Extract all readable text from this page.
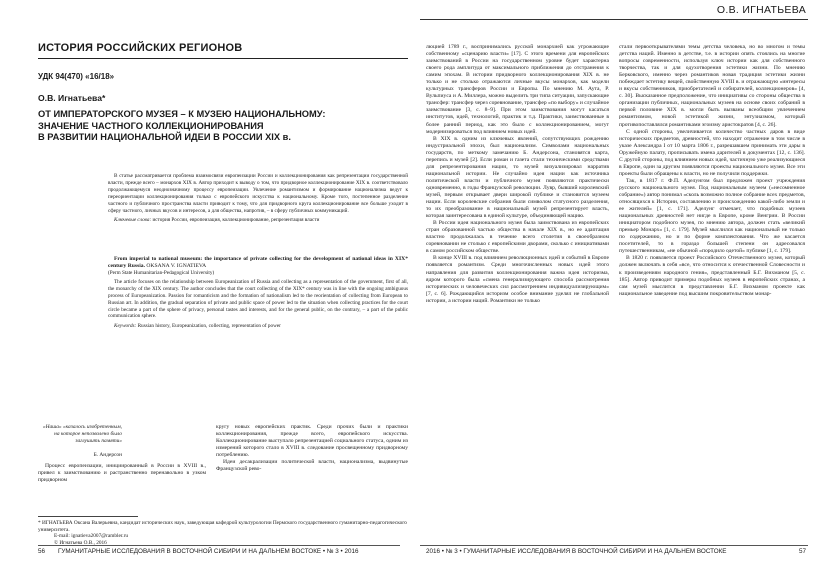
О.В. ИГНАТЬЕВА
ИСТОРИЯ РОССИЙСКИХ РЕГИОНОВ
УДК 94(470) «16/18»
О.В. Игнатьева*
ОТ ИМПЕРАТОРСКОГО МУЗЕЯ – К МУЗЕЮ НАЦИОНАЛЬНОМУ:
ЗНАЧЕНИЕ ЧАСТНОГО КОЛЛЕКЦИОНИРОВАНИЯ
В РАЗВИТИИ НАЦИОНАЛЬНОЙ ИДЕИ В РОССИИ XIX в.

В статье рассматривается проблема взаимосвязи европеизации России и коллекционирования как репрезентации государственной власти, прежде всего – монархов XIX в. Автор приходит к выводу о том, что придворное коллекционирование XIX в. соответствовало продолжающемуся неоднозначному процессу европеизации. Увлечение романтизмом и формирование национализма ведут к переориентации коллекционирования только с европейского искусства к национальному. Кроме того, постепенное разделение частного и публичного пространства власти приводит к тому, что для придворного круга коллекционирование все больше уходит в сферу частного, личных вкусов и интересов, а для общества, напротив, – в сферу публичных коммуникаций.

Ключевые слова: история России, европеизация, коллекционирование, репрезентация власти

From imperial to national museum: the importance of private collecting for the development of national ideas in XIX* century Russia. OKSANA V. IGNATIEVA

(Perm State Humanitarian-Pedagogical University)

The article focuses on the relationship between Europeanization of Russia and collecting as a representation of the government, first of all, the monarchy of the XIX century. The author concludes that the court collecting of the XIX* century was in line with the ongoing ambiguous process of Europeanization. Passion for romanticism and the formation of nationalism led to the reorientation of collecting from European to Russian art. In addition, the gradual separation of private and public space of power led to the situation when collecting practices for the court circle became a part of the sphere of privacy, personal tastes and interests, and for the general public, on the contrary, – a part of the public communication sphere.

Keywords: Russian history, Europeanization, collecting, representation of power

«Наша» «казалось изобретенным, на которое непозволено было заглушить памяти»
Б. Андерсон

Процесс европеизации, инициированный в России в XVIII в., привел к заимствованию и растранственно перенавольно в узком придворном

кругу новых европейских практик. Среди прочих были и практики коллекционирования, прежде всего, европейского искусства. Коллекционирование выступало репрезентацией социального статуса, одним из измерений которого стало в XVIII в. следование просвещенному придворному потреблению.

Идеи десакрализации политической власти, национализма, выдвинутые Французской рево-

* ИГНАТЬЕВА Оксана Валерьевна, кандидат исторических наук, заведующая кафедрой культурологии Пермского государственного гуманитарно-педагогического университета.
E-mail: ignatieva2007@rambler.ru
© Игнатьева О.В., 2016

люцией 1789 г., воспринимались русской монархией как угрожающие собственному «сценарию власти» [17]. С этого времени для европейских заимствований в России на государственном уровне будет характерна своего рода амплитуда от максимального приближения до отстранения к самим эпохам. В истории придворного коллекционирования XIX в. не только и не столько отражаются личные вкусы монархов, как модели культурных трансферов России и Европы. По мнению М. Аута, Р. Вульпиуса и А. Миллера, можно выделить три типа ситуации, запускающие трансфер: трансфер через соревнование, трансфер «по выбору» и случайное заимствование [3, с. 8–9]. При этом заимствования могут касаться институтов, идей, технологий, практик и т.д. Практики, заимствованные в более ранний период, как это было с коллекционированием, могут модернизироваться под влиянием новых идей.

В XIX в. одним из ключевых явлений, сопутствующих рождению индустриальной эпохи, был национализм. Символами национальных государств, по меткому замечанию Б. Андерсона, становятся карта, перепись и музей [2]. Если роман и газета стали техническими средствами для репрезентирования нации, то музей визуализировал нарратив национальной истории. Не случайно идея нации как источника политической власти и публичного музея появляются практически одновременно, в годы Французской революции. Лувр, бывший королевский музей, первым открывает двери широкой публике и становится музеем нации. Если королевские собрания были символом статусного разделения, то их преобразование в национальный музей репрезентирует власть, которая заинтересована в единой культуре, объединяющей нацию.

В России идея национального музея была заимствована из европейских стран образованной частью общества в начале XIX в., но ее адаптация властно продолжалась в течение всего столетия в своеобразном соревновании не столько с европейскими дворами, сколько с инициативами в самом российском обществе.

В конце XVIII в. под влиянием революционных идей и событий в Европе появляется романтизм. Среди многочисленных новых идей этого направления для развития коллекционирования важна идея историзма, ядром которого была «смена генерализирующего способа рассмотрения исторических и человеческих сил рассмотрением индивидуализирующим» [7, с. 6]. Рождающийся историзм особое внимание уделял не глобальной истории, а истории наций. Романтики не только

стали первооткрывателями темы детства человека, но во многом и темы детства наций. Именно в детстве, т.е. в истории опять стоялись на многие вопросы современности, используя ключ истории как для собственного творчества, так и для одухотворения эстетики жизни. По мнению Берковского, именно через романтиков новая традиция эстетики жизни побеждает эстетику вещей, свойственную XVIII в. и отражающую «интересы и вкусы собственников, приобретателей и собирателей, коллекционеров» [4, с. 30]. Высказанное предположение, что инициативы со стороны общества в организации публичных, национальных музеев на основе своих собраний в первой половине XIX в. могли быть вызваны всеобщим увлечением романтизмом, новой эстетикой жизни, энтузиазмом, который противопоставлялся романтиками эгоизму аристократов [4, с. 26].

С одной стороны, увеличивается количество частных даров в виде исторических предметов, древностей, что находит отражение в том числе в указе Александра I от 10 марта 1806 г., разрешавшем принимать эти дары в Оружейную палату, прописывать имена дарителей в документах [12, с. 136]. С другой стороны, под влиянием новых идей, частичную уже реализующиеся в Европе, один за другим появляются проекты национального музея. Все эти проекты были обращены к власти, но не получили поддержки.

Так, в 1817 г. Ф.П. Аделунгом был предложен проект учреждения русского национального музея. Под национальным музеем («несомненное собрание») автор понимал «сколь возможно полное собрание всех предметов, относящихся к Истории, составлению и происхождению какой-либо земли и ее жителей» [1, с. 171]. Аделунг отмечает, что подобных музеев национальных древностей нет нигде в Европе, кроме Венгрии. В России инициатором подобного музея, по мнению автора, должен стать «великий премьер Монарх» [1, с. 179]. Музей мыслился как национальный не только по содержанию, но и по форме комплектования. Что же касается посетителей, то в гораздо большей степени он адресовался путешественникам, «не обычной «породило одетой» публике [1, с. 179].

В 1820 г. появляется проект Российского Отечественного музея, который должен включать в себя «все, что относится к отечественной Словесности и к произведениям народного гения», представленный Б.Г. Вихманом [5, с. 185]. Автор приводит примеры подобных музеев в европейских странах, а сам музей мыслится в представлении Б.Г. Вихманом проекте как национальное заведение под высшим покровительством монар-

56 ГУМАНИТАРНЫЕ ИССЛЕДОВАНИЯ В ВОСТОЧНОЙ СИБИРИ И НА ДАЛЬНЕМ ВОСТОКЕ • № 3 • 2016	2016 • № 3 • ГУМАНИТАРНЫЕ ИССЛЕДОВАНИЯ В ВОСТОЧНОЙ СИБИРИ И НА ДАЛЬНЕМ ВОСТОКЕ	57
